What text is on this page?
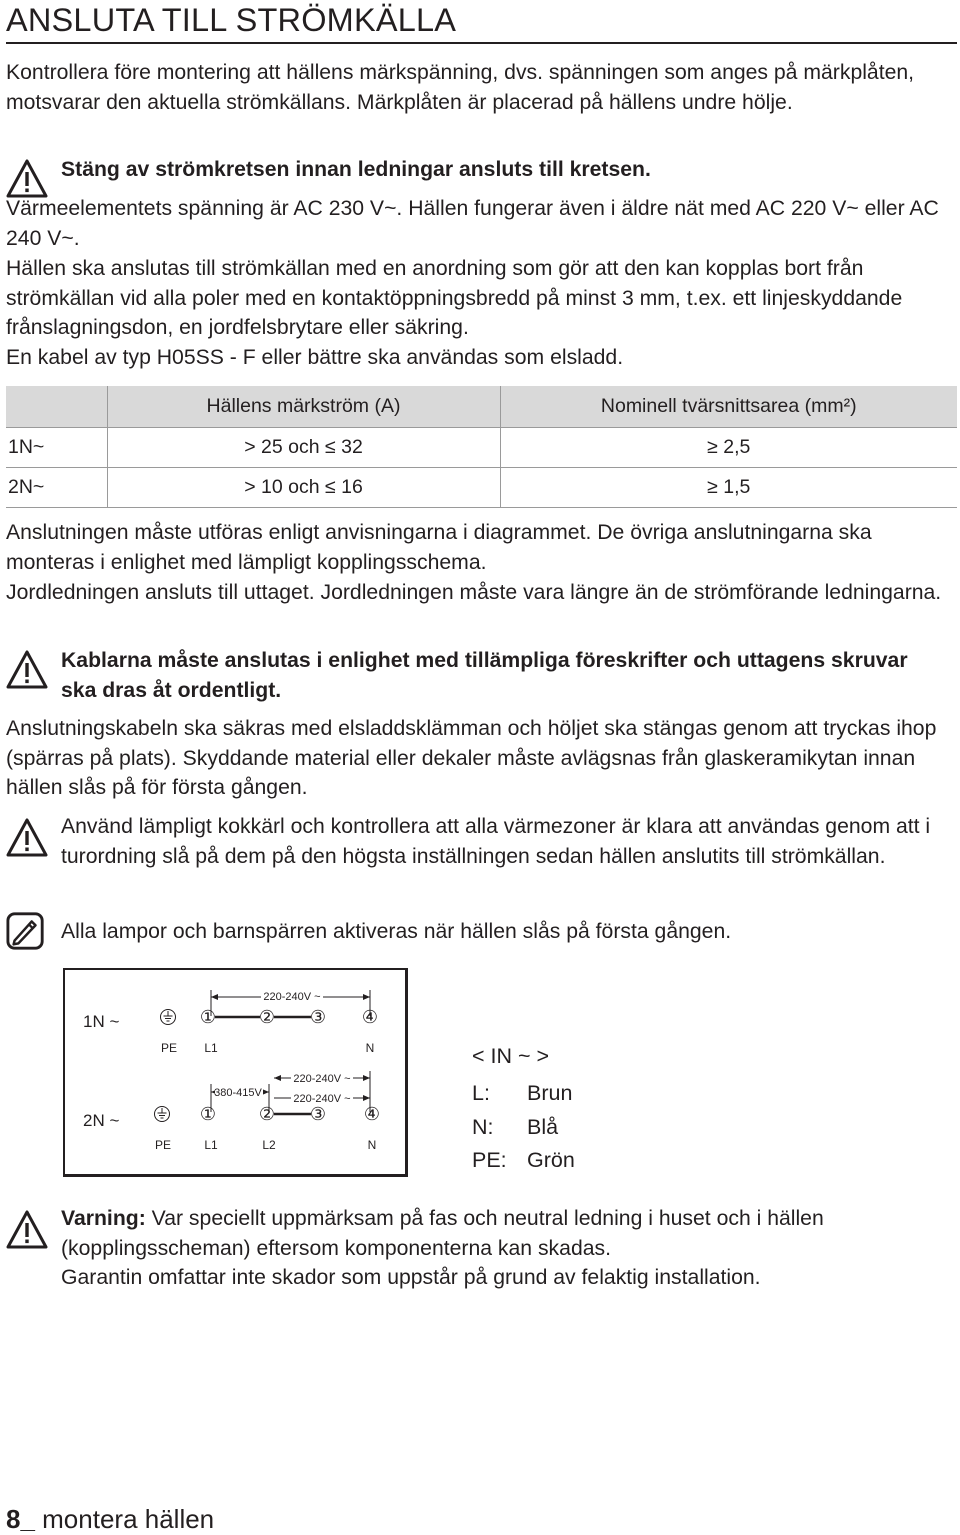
ANSLUTA TILL STRÖMKÄLLA
Kontrollera före montering att hällens märkspänning, dvs. spänningen som anges på märkplåten, motsvarar den aktuella strömkällans. Märkplåten är placerad på hällens undre hölje.
Stäng av strömkretsen innan ledningar ansluts till kretsen.
Värmeelementets spänning är AC 230 V~. Hällen fungerar även i äldre nät med AC 220 V~ eller AC 240 V~.
Hällen ska anslutas till strömkällan med en anordning som gör att den kan kopplas bort från strömkällan vid alla poler med en kontaktöppningsbredd på minst 3 mm, t.ex. ett linjeskyddande frånslagningsdon, en jordfelsbrytare eller säkring.
En kabel av typ H05SS - F eller bättre ska användas som elsladd.
	Hällens märkström (A)	Nominell tvärsnittsarea (mm²)
1N~	> 25 och ≤ 32	≥ 2,5
2N~	> 10 och ≤ 16	≥ 1,5
Anslutningen måste utföras enligt anvisningarna i diagrammet. De övriga anslutningarna ska monteras i enlighet med lämpligt kopplingsschema.
Jordledningen ansluts till uttaget. Jordledningen måste vara längre än de strömförande ledningarna.
Kablarna måste anslutas i enlighet med tillämpliga föreskrifter och uttagens skruvar ska dras åt ordentligt.
Anslutningskabeln ska säkras med elsladdsklämman och höljet ska stängas genom att tryckas ihop (spärras på plats). Skyddande material eller dekaler måste avlägsnas från glaskeramikytan innan hällen slås på för första gången.
Använd lämpligt kokkärl och kontrollera att alla värmezoner är klara att användas genom att i turordning slå på dem på den högsta inställningen sedan hällen anslutits till strömkällan.
Alla lampor och barnspärren aktiveras när hällen slås på första gången.
1N ~
220-240V ~
① ② ③ ④
PE L1	N
2N ~
220-240V ~
380-415V	220-240V ~
① ② ③ ④
PE	L1	L2	N
< IN ~ >
L: Brun
N: Blå
PE: Grön
Varning: Var speciellt uppmärksam på fas och neutral ledning i huset och i hällen (kopplingsscheman) eftersom komponenterna kan skadas.
Garantin omfattar inte skador som uppstår på grund av felaktig installation.
8_ montera hällen
